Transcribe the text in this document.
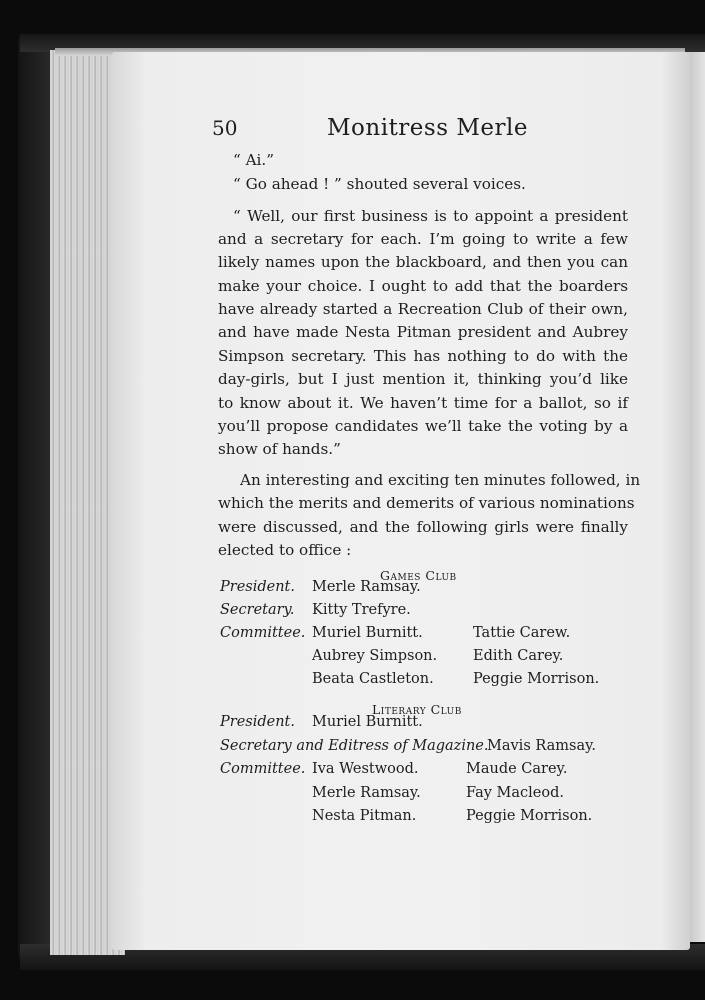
50	Monitress Merle
“ Ai.”
“ Go ahead ! ” shouted several voices.
“ Well, our first business is to appoint a president
and a secretary for each. I’m going to write a few
likely names upon the blackboard, and then you can
make your choice. I ought to add that the boarders
have already started a Recreation Club of their own,
and have made Nesta Pitman president and Aubrey
Simpson secretary. This has nothing to do with the
day-girls, but I just mention it, thinking you’d like
to know about it. We haven’t time for a ballot, so if
you’ll propose candidates we’ll take the voting by a
show of hands.”
An interesting and exciting ten minutes followed, in
which the merits and demerits of various nominations
were discussed, and the following girls were finally
elected to office :
Games Club
President. Merle Ramsay.
Secretary. Kitty Trefyre.
Committee. Muriel Burnitt.
Aubrey Simpson.
Beata Castleton.
Tattie Carew.
Edith Carey.
Peggie Morrison.
Literary Club
President. Muriel Burnitt.
Secretary and Editress of Magazine.
Mavis Ramsay.
Committee. Iva Westwood.
Merle Ramsay.
Nesta Pitman.
Maude Carey.
Fay Macleod.
Peggie Morrison.
